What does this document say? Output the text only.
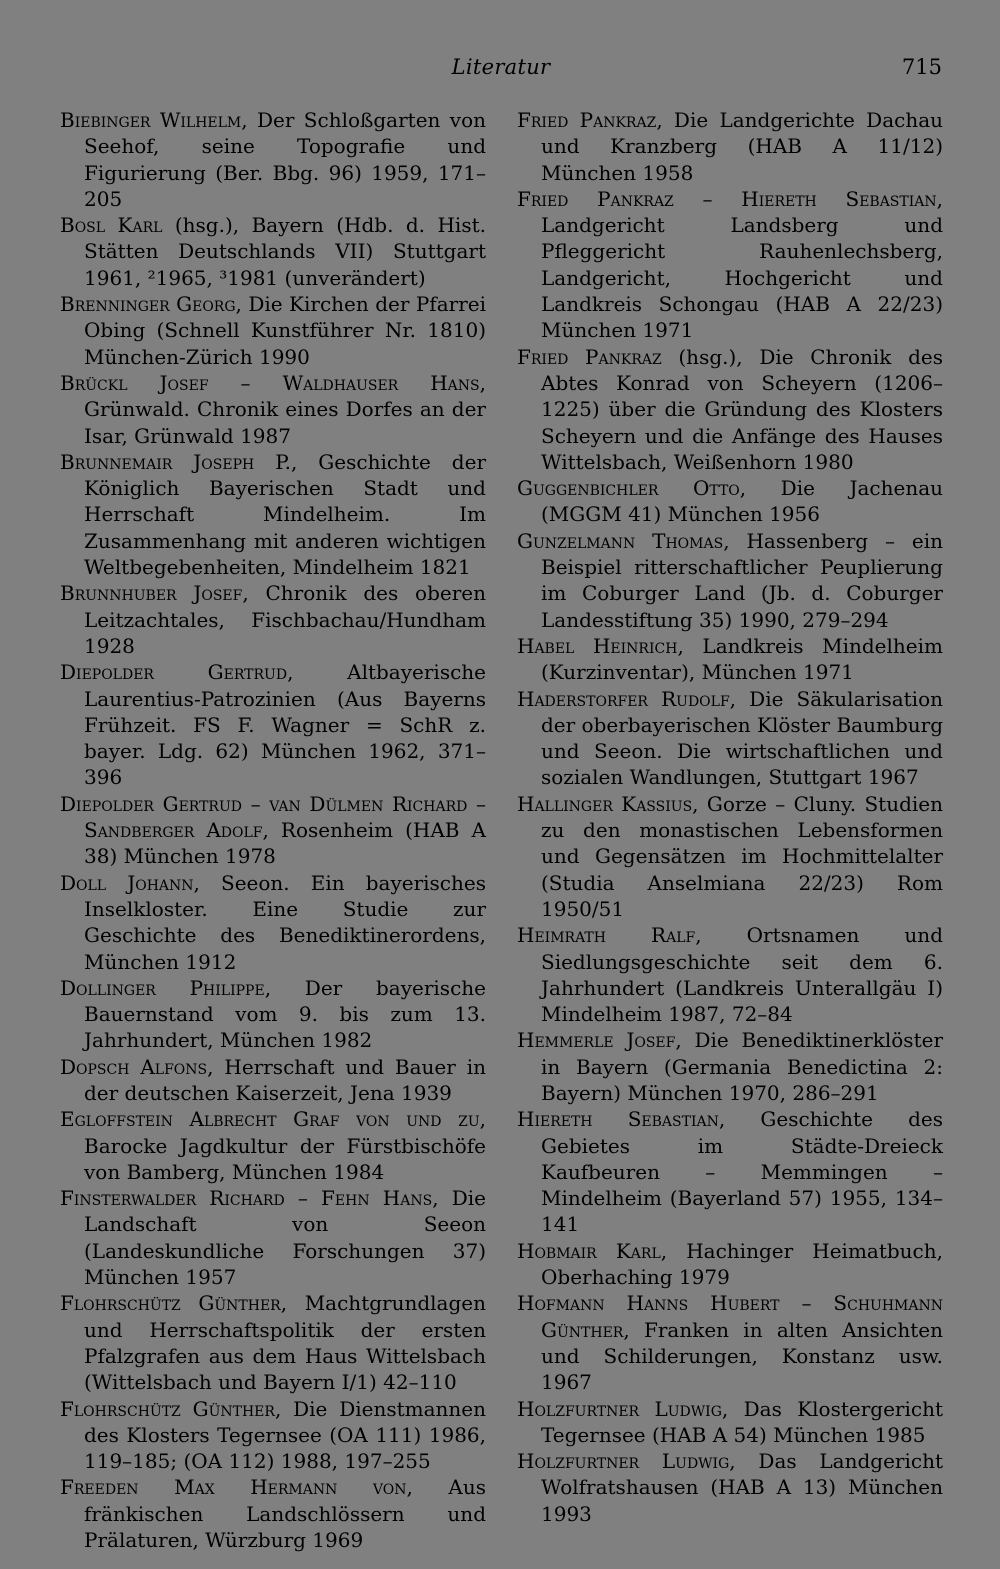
Literatur	715
Biebinger Wilhelm, Der Schloßgarten von Seehof, seine Topografie und Figurierung (Ber. Bbg. 96) 1959, 171–205
Bosl Karl (hsg.), Bayern (Hdb. d. Hist. Stätten Deutschlands VII) Stuttgart 1961, ²1965, ³1981 (unverändert)
Brenninger Georg, Die Kirchen der Pfarrei Obing (Schnell Kunstführer Nr. 1810) München-Zürich 1990
Brückl Josef – Waldhauser Hans, Grünwald. Chronik eines Dorfes an der Isar, Grünwald 1987
Brunnemair Joseph P., Geschichte der Königlich Bayerischen Stadt und Herrschaft Mindelheim. Im Zusammenhang mit anderen wichtigen Weltbegebenheiten, Mindelheim 1821
Brunnhuber Josef, Chronik des oberen Leitzachtales, Fischbachau/Hundham 1928
Diepolder Gertrud, Altbayerische Laurentius-Patrozinien (Aus Bayerns Frühzeit. FS F. Wagner = SchR z. bayer. Ldg. 62) München 1962, 371–396
Diepolder Gertrud – van Dülmen Richard – Sandberger Adolf, Rosenheim (HAB A 38) München 1978
Doll Johann, Seeon. Ein bayerisches Inselkloster. Eine Studie zur Geschichte des Benediktinerordens, München 1912
Dollinger Philippe, Der bayerische Bauernstand vom 9. bis zum 13. Jahrhundert, München 1982
Dopsch Alfons, Herrschaft und Bauer in der deutschen Kaiserzeit, Jena 1939
Egloffstein Albrecht Graf von und zu, Barocke Jagdkultur der Fürstbischöfe von Bamberg, München 1984
Finsterwalder Richard – Fehn Hans, Die Landschaft von Seeon (Landeskundliche Forschungen 37) München 1957
Flohrschütz Günther, Machtgrundlagen und Herrschaftspolitik der ersten Pfalzgrafen aus dem Haus Wittelsbach (Wittelsbach und Bayern I/1) 42–110
Flohrschütz Günther, Die Dienstmannen des Klosters Tegernsee (OA 111) 1986, 119–185; (OA 112) 1988, 197–255
Freeden Max Hermann von, Aus fränkischen Landschlössern und Prälaturen, Würzburg 1969
Fried Pankraz, Die Landgerichte Dachau und Kranzberg (HAB A 11/12) München 1958
Fried Pankraz – Hiereth Sebastian, Landgericht Landsberg und Pfleggericht Rauhenlechsberg, Landgericht, Hochgericht und Landkreis Schongau (HAB A 22/23) München 1971
Fried Pankraz (hsg.), Die Chronik des Abtes Konrad von Scheyern (1206–1225) über die Gründung des Klosters Scheyern und die Anfänge des Hauses Wittelsbach, Weißenhorn 1980
Guggenbichler Otto, Die Jachenau (MGGM 41) München 1956
Gunzelmann Thomas, Hassenberg – ein Beispiel ritterschaftlicher Peuplierung im Coburger Land (Jb. d. Coburger Landesstiftung 35) 1990, 279–294
Habel Heinrich, Landkreis Mindelheim (Kurzinventar), München 1971
Haderstorfer Rudolf, Die Säkularisation der oberbayerischen Klöster Baumburg und Seeon. Die wirtschaftlichen und sozialen Wandlungen, Stuttgart 1967
Hallinger Kassius, Gorze – Cluny. Studien zu den monastischen Lebensformen und Gegensätzen im Hochmittelalter (Studia Anselmiana 22/23) Rom 1950/51
Heimrath Ralf, Ortsnamen und Siedlungsgeschichte seit dem 6. Jahrhundert (Landkreis Unterallgäu I) Mindelheim 1987, 72–84
Hemmerle Josef, Die Benediktinerklöster in Bayern (Germania Benedictina 2: Bayern) München 1970, 286–291
Hiereth Sebastian, Geschichte des Gebietes im Städte-Dreieck Kaufbeuren – Memmingen – Mindelheim (Bayerland 57) 1955, 134–141
Hobmair Karl, Hachinger Heimatbuch, Oberhaching 1979
Hofmann Hanns Hubert – Schuhmann Günther, Franken in alten Ansichten und Schilderungen, Konstanz usw. 1967
Holzfurtner Ludwig, Das Klostergericht Tegernsee (HAB A 54) München 1985
Holzfurtner Ludwig, Das Landgericht Wolfratshausen (HAB A 13) München 1993
